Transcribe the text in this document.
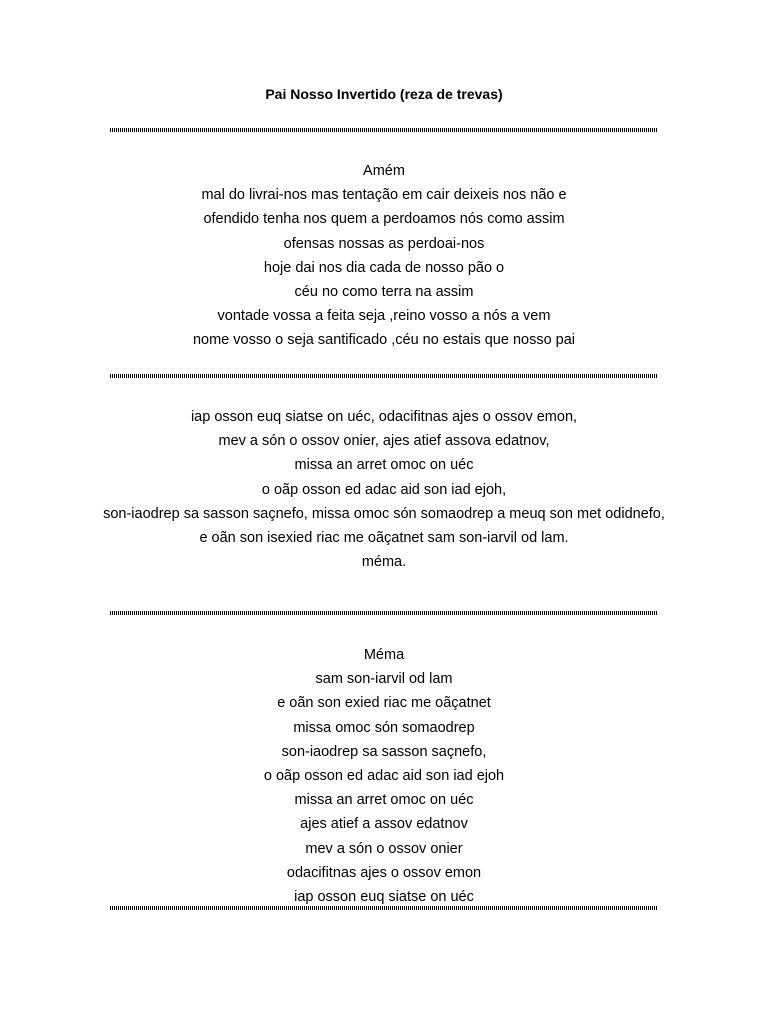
Pai Nosso Invertido (reza de trevas)
Amém
mal do livrai-nos mas tentação em cair deixeis nos não e
ofendido tenha nos quem a perdoamos nós como assim
ofensas nossas as perdoai-nos
hoje dai nos dia cada de nosso pão o
céu no como terra na assim
vontade vossa a feita seja ,reino vosso a nós a vem
nome vosso o seja santificado ,céu no estais que nosso pai
iap osson euq siatse on uéc, odacifitnas ajes o ossov emon,
mev a són o ossov onier, ajes atief assova edatnov,
missa an arret omoc on uéc
o oãp osson ed adac aid son iad ejoh,
son-iaodrep sa sasson saçnefo, missa omoc són somaodrep a meuq son met odidnefo,
e oãn son isexied riac me oãçatnet sam son-iarvil od lam.
méma.
Méma
sam son-iarvil od lam
e oãn son exied riac me oãçatnet
missa omoc són somaodrep
son-iaodrep sa sasson saçnefo,
o oãp osson ed adac aid son iad ejoh
missa an arret omoc on uéc
ajes atief a assov edatnov
mev a són o ossov onier
odacifitnas ajes o ossov emon
iap osson euq siatse on uéc
